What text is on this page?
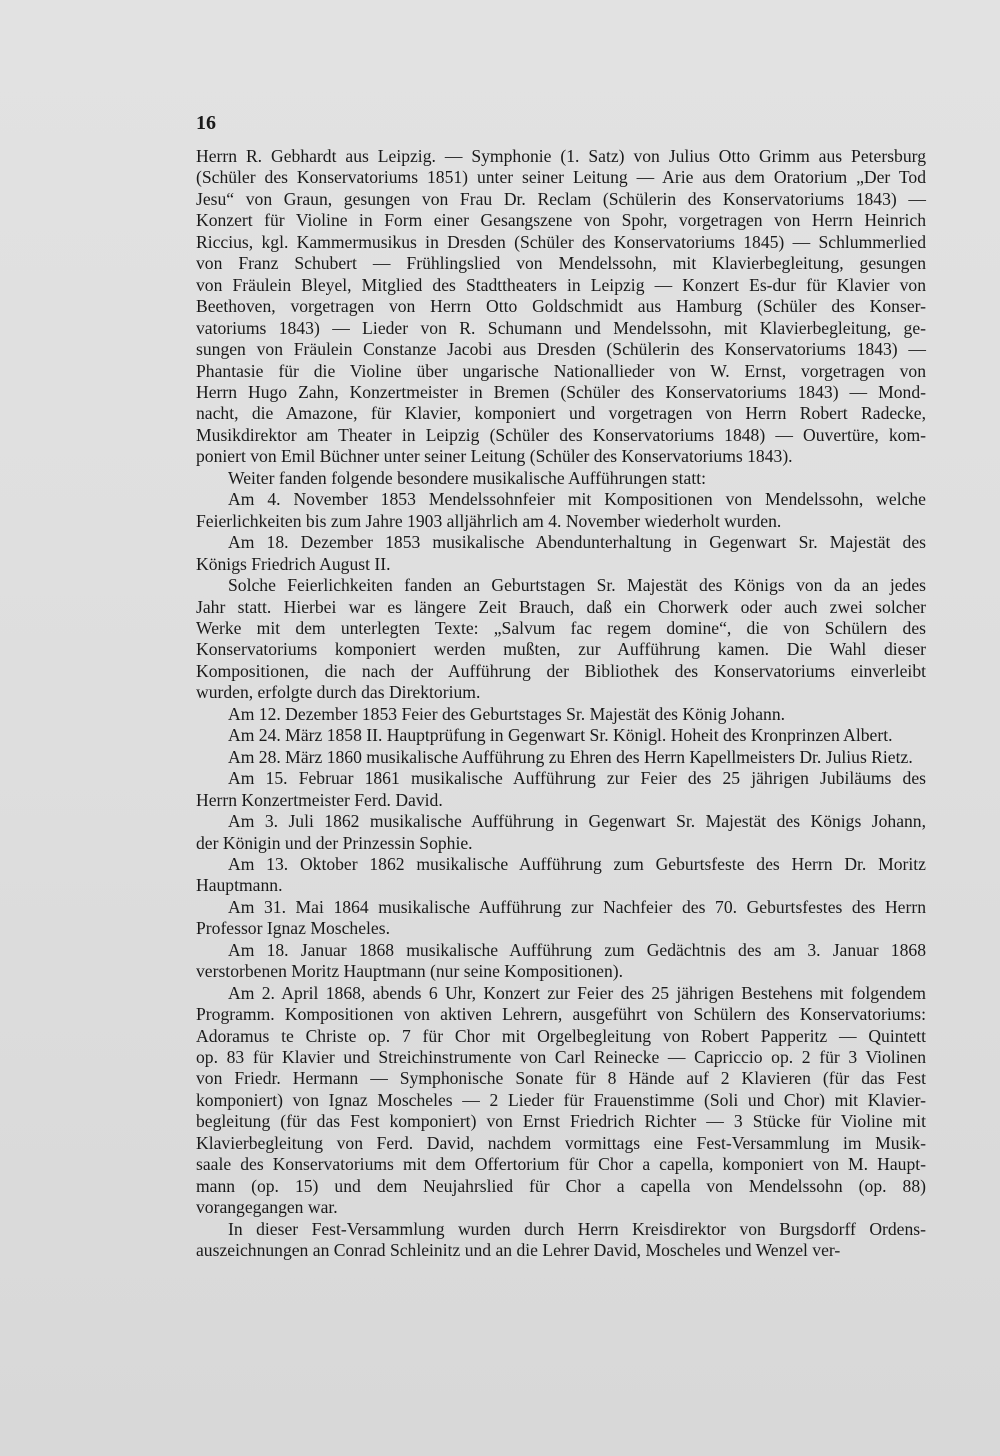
16

Herrn R. Gebhardt aus Leipzig. — Symphonie (1. Satz) von Julius Otto Grimm aus Petersburg

(Schüler des Konservatoriums 1851) unter seiner Leitung — Arie aus dem Oratorium „Der Tod

Jesu“ von Graun, gesungen von Frau Dr. Reclam (Schülerin des Konservatoriums 1843) —

Konzert für Violine in Form einer Gesangszene von Spohr, vorgetragen von Herrn Heinrich

Riccius, kgl. Kammermusikus in Dresden (Schüler des Konservatoriums 1845) — Schlummerlied

von Franz Schubert — Frühlingslied von Mendelssohn, mit Klavierbegleitung, gesungen

von Fräulein Bleyel, Mitglied des Stadttheaters in Leipzig — Konzert Es-dur für Klavier von

Beethoven, vorgetragen von Herrn Otto Goldschmidt aus Hamburg (Schüler des Konser-

vatoriums 1843) — Lieder von R. Schumann und Mendelssohn, mit Klavierbegleitung, ge-

sungen von Fräulein Constanze Jacobi aus Dresden (Schülerin des Konservatoriums 1843) —

Phantasie für die Violine über ungarische Nationallieder von W. Ernst, vorgetragen von

Herrn Hugo Zahn, Konzertmeister in Bremen (Schüler des Konservatoriums 1843) — Mond-

nacht, die Amazone, für Klavier, komponiert und vorgetragen von Herrn Robert Radecke,

Musikdirektor am Theater in Leipzig (Schüler des Konservatoriums 1848) — Ouvertüre, kom-

poniert von Emil Büchner unter seiner Leitung (Schüler des Konservatoriums 1843).

Weiter fanden folgende besondere musikalische Aufführungen statt:

Am 4. November 1853 Mendelssohnfeier mit Kompositionen von Mendelssohn, welche

Feierlichkeiten bis zum Jahre 1903 alljährlich am 4. November wiederholt wurden.

Am 18. Dezember 1853 musikalische Abendunterhaltung in Gegenwart Sr. Majestät des

Königs Friedrich August II.

Solche Feierlichkeiten fanden an Geburtstagen Sr. Majestät des Königs von da an jedes

Jahr statt. Hierbei war es längere Zeit Brauch, daß ein Chorwerk oder auch zwei solcher

Werke mit dem unterlegten Texte: „Salvum fac regem domine“, die von Schülern des

Konservatoriums komponiert werden mußten, zur Aufführung kamen. Die Wahl dieser

Kompositionen, die nach der Aufführung der Bibliothek des Konservatoriums einverleibt

wurden, erfolgte durch das Direktorium.

Am 12. Dezember 1853 Feier des Geburtstages Sr. Majestät des König Johann.

Am 24. März 1858 II. Hauptprüfung in Gegenwart Sr. Königl. Hoheit des Kronprinzen Albert.

Am 28. März 1860 musikalische Aufführung zu Ehren des Herrn Kapellmeisters Dr. Julius Rietz.

Am 15. Februar 1861 musikalische Aufführung zur Feier des 25 jährigen Jubiläums des

Herrn Konzertmeister Ferd. David.

Am 3. Juli 1862 musikalische Aufführung in Gegenwart Sr. Majestät des Königs Johann,

der Königin und der Prinzessin Sophie.

Am 13. Oktober 1862 musikalische Aufführung zum Geburtsfeste des Herrn Dr. Moritz

Hauptmann.

Am 31. Mai 1864 musikalische Aufführung zur Nachfeier des 70. Geburtsfestes des Herrn

Professor Ignaz Moscheles.

Am 18. Januar 1868 musikalische Aufführung zum Gedächtnis des am 3. Januar 1868

verstorbenen Moritz Hauptmann (nur seine Kompositionen).

Am 2. April 1868, abends 6 Uhr, Konzert zur Feier des 25 jährigen Bestehens mit folgendem

Programm. Kompositionen von aktiven Lehrern, ausgeführt von Schülern des Konservatoriums:

Adoramus te Christe op. 7 für Chor mit Orgelbegleitung von Robert Papperitz — Quintett

op. 83 für Klavier und Streichinstrumente von Carl Reinecke — Capriccio op. 2 für 3 Violinen

von Friedr. Hermann — Symphonische Sonate für 8 Hände auf 2 Klavieren (für das Fest

komponiert) von Ignaz Moscheles — 2 Lieder für Frauenstimme (Soli und Chor) mit Klavier-

begleitung (für das Fest komponiert) von Ernst Friedrich Richter — 3 Stücke für Violine mit

Klavierbegleitung von Ferd. David, nachdem vormittags eine Fest-Versammlung im Musik-

saale des Konservatoriums mit dem Offertorium für Chor a capella, komponiert von M. Haupt-

mann (op. 15) und dem Neujahrslied für Chor a capella von Mendelssohn (op. 88)

vorangegangen war.

In dieser Fest-Versammlung wurden durch Herrn Kreisdirektor von Burgsdorff Ordens-

auszeichnungen an Conrad Schleinitz und an die Lehrer David, Moscheles und Wenzel ver-
